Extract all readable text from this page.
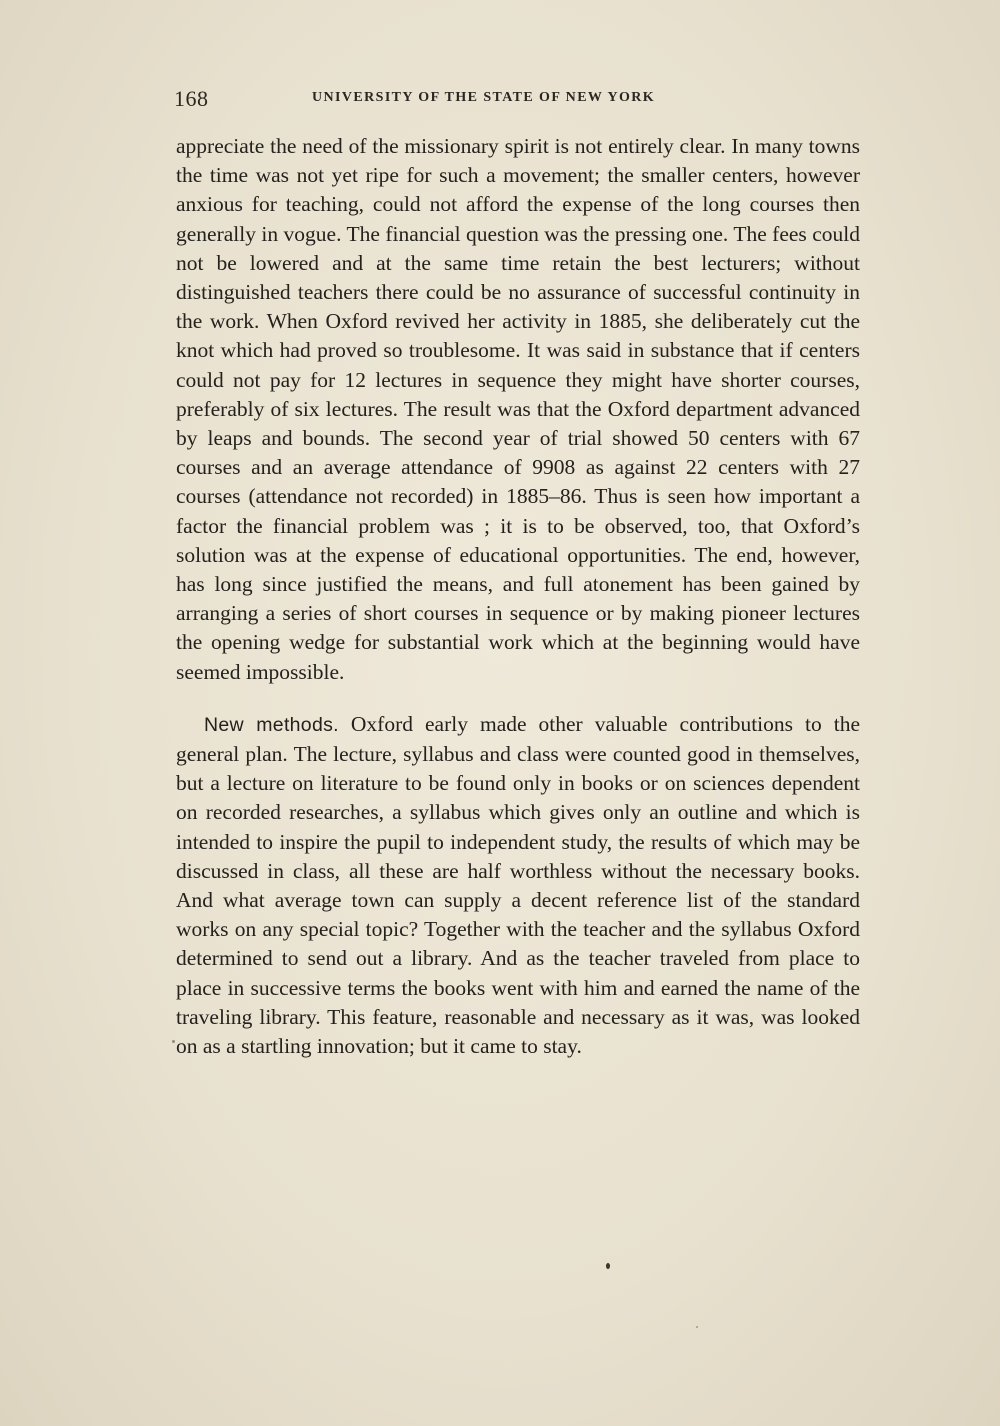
168	UNIVERSITY OF THE STATE OF NEW YORK

appreciate the need of the missionary spirit is not entirely clear. In many towns the time was not yet ripe for such a movement; the smaller centers, however anxious for teaching, could not afford the expense of the long courses then generally in vogue. The financial question was the pressing one. The fees could not be lowered and at the same time retain the best lecturers; without distinguished teachers there could be no assurance of successful continuity in the work. When Oxford revived her activity in 1885, she deliberately cut the knot which had proved so troublesome. It was said in substance that if centers could not pay for 12 lectures in sequence they might have shorter courses, preferably of six lectures. The result was that the Oxford department advanced by leaps and bounds. The second year of trial showed 50 centers with 67 courses and an average attendance of 9908 as against 22 centers with 27 courses (attendance not recorded) in 1885–86. Thus is seen how important a factor the financial problem was ; it is to be observed, too, that Oxford’s solution was at the expense of educational opportunities. The end, however, has long since justified the means, and full atonement has been gained by arranging a series of short courses in sequence or by making pioneer lectures the opening wedge for substantial work which at the beginning would have seemed impossible.

New methods. Oxford early made other valuable contributions to the general plan. The lecture, syllabus and class were counted good in themselves, but a lecture on literature to be found only in books or on sciences dependent on recorded researches, a syllabus which gives only an outline and which is intended to inspire the pupil to independent study, the results of which may be discussed in class, all these are half worthless without the necessary books. And what average town can supply a decent reference list of the standard works on any special topic? Together with the teacher and the syllabus Oxford determined to send out a library. And as the teacher traveled from place to place in successive terms the books went with him and earned the name of the traveling library. This feature, reasonable and necessary as it was, was looked on as a startling innovation; but it came to stay.
